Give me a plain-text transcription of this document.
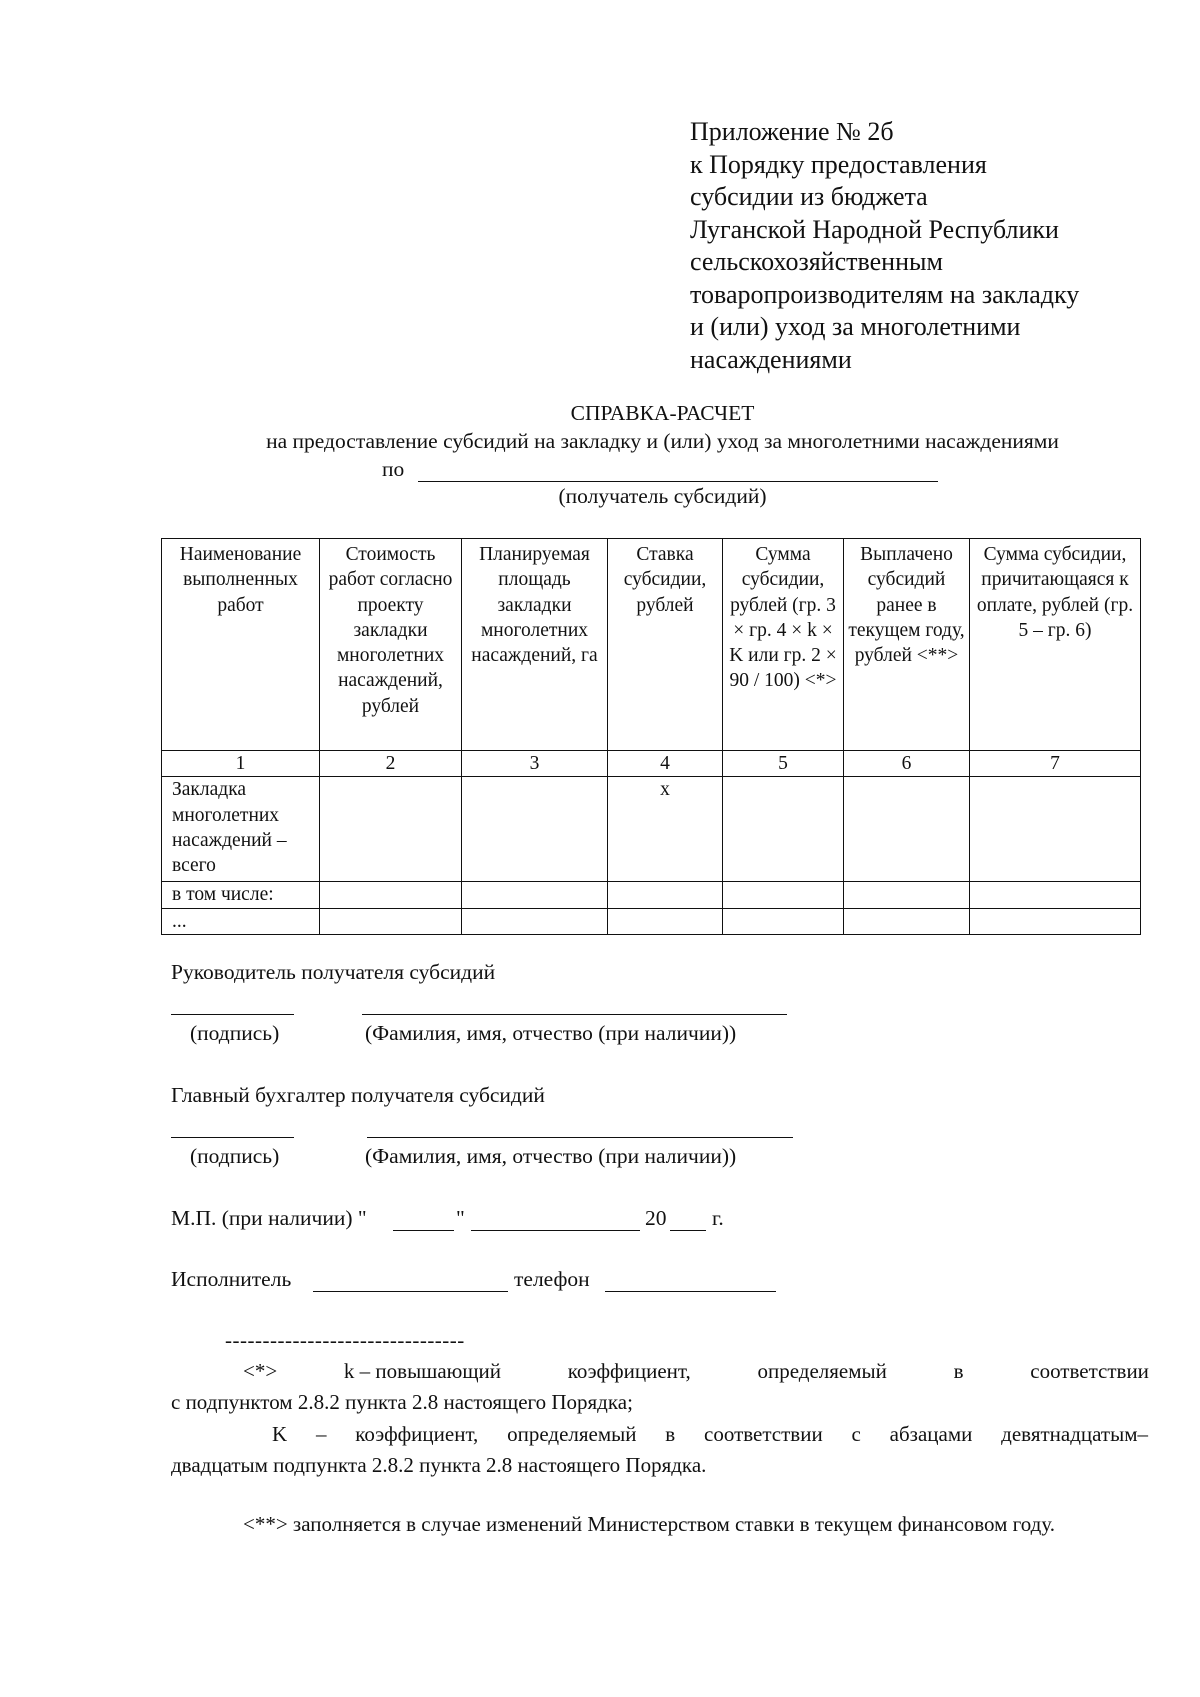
Приложение № 2б
к Порядку предоставления
субсидии из бюджета
Луганской Народной Республики
сельскохозяйственным
товаропроизводителям на закладку
и (или) уход за многолетними
насаждениями
СПРАВКА-РАСЧЕТ
на предоставление субсидий на закладку и (или) уход за многолетними насаждениями
по
(получатель субсидий)
Наименование выполненных работ	Стоимость работ согласно проекту закладки многолетних насаждений, рублей	Планируемая площадь закладки многолетних насаждений, га	Ставка субсидии, рублей	Сумма субсидии, рублей (гр. 3 × гр. 4 × k × K или гр. 2 × 90 / 100) <*>	Выплачено субсидий ранее в текущем году, рублей <**>	Сумма субсидии, причитающаяся к оплате, рублей (гр. 5 – гр. 6)
1	2	3	4	5	6	7
Закладка многолетних насаждений – всего			х			
в том числе:						
...						
Руководитель получателя субсидий
(подпись)	(Фамилия, имя, отчество (при наличии))
Главный бухгалтер получателя субсидий
(подпись)	(Фамилия, имя, отчество (при наличии))
М.П. (при наличии) "	"	20 г.
Исполнитель	телефон
--------------------------------
<*>	k – повышающий	коэффициент,	определяемый	в	соответствии
с подпунктом 2.8.2 пункта 2.8 настоящего Порядка;
K – коэффициент, определяемый в соответствии с абзацами девятнадцатым–
двадцатым подпункта 2.8.2 пункта 2.8 настоящего Порядка.
<**> заполняется в случае изменений Министерством ставки в текущем финансовом году.
